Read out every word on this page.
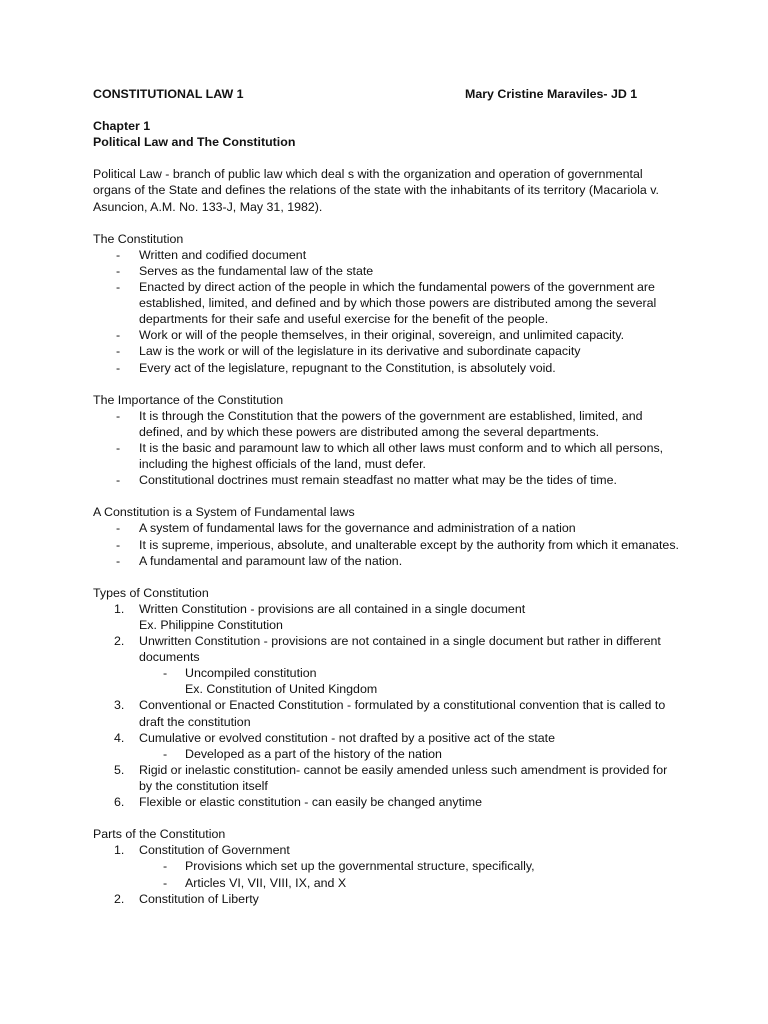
CONSTITUTIONAL LAW 1	Mary Cristine Maraviles- JD 1

Chapter 1

Political Law and The Constitution

Political Law - branch of public law which deal s with the organization and operation of governmental organs of the State and defines the relations of the state with the inhabitants of its territory (Macariola v. Asuncion, A.M. No. 133-J, May 31, 1982).

The Constitution

- Written and codified document
- Serves as the fundamental law of the state
- Enacted by direct action of the people in which the fundamental powers of the government are established, limited, and defined and by which those powers are distributed among the several departments for their safe and useful exercise for the benefit of the people.
- Work or will of the people themselves, in their original, sovereign, and unlimited capacity.
- Law is the work or will of the legislature in its derivative and subordinate capacity
- Every act of the legislature, repugnant to the Constitution, is absolutely void.

The Importance of the Constitution

- It is through the Constitution that the powers of the government are established, limited, and defined, and by which these powers are distributed among the several departments.
- It is the basic and paramount law to which all other laws must conform and to which all persons, including the highest officials of the land, must defer.
- Constitutional doctrines must remain steadfast no matter what may be the tides of time.

A Constitution is a System of Fundamental laws

- A system of fundamental laws for the governance and administration of a nation
- It is supreme, imperious, absolute, and unalterable except by the authority from which it emanates.
- A fundamental and paramount law of the nation.

Types of Constitution

1. Written Constitution - provisions are all contained in a single document
Ex. Philippine Constitution
2. Unwritten Constitution - provisions are not contained in a single document but rather in different documents
- Uncompiled constitution
Ex. Constitution of United Kingdom
3. Conventional or Enacted Constitution - formulated by a constitutional convention that is called to draft the constitution
4. Cumulative or evolved constitution - not drafted by a positive act of the state
- Developed as a part of the history of the nation
5. Rigid or inelastic constitution- cannot be easily amended unless such amendment is provided for by the constitution itself
6. Flexible or elastic constitution - can easily be changed anytime

Parts of the Constitution

1. Constitution of Government
- Provisions which set up the governmental structure, specifically,
- Articles VI, VII, VIII, IX, and X
2. Constitution of Liberty
